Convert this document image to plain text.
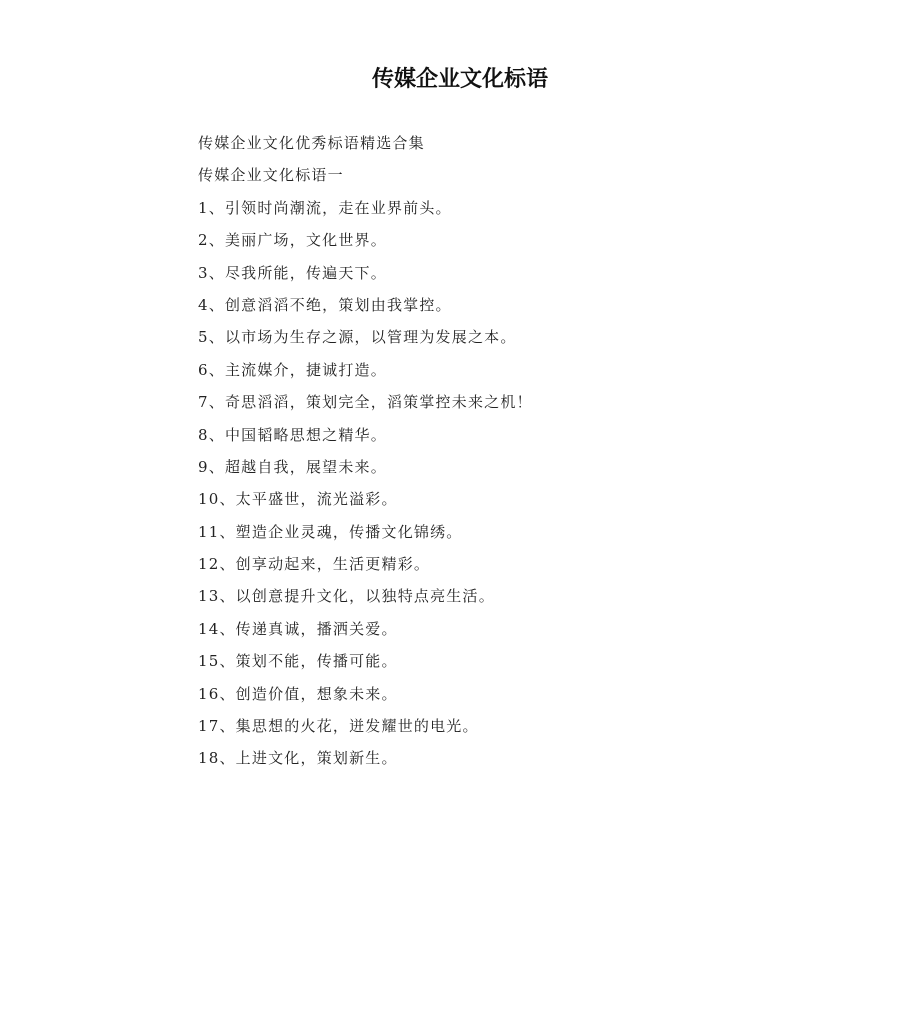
传媒企业文化标语
传媒企业文化优秀标语精选合集
传媒企业文化标语一
1、引领时尚潮流，走在业界前头。
2、美丽广场，文化世界。
3、尽我所能，传遍天下。
4、创意滔滔不绝，策划由我掌控。
5、以市场为生存之源，以管理为发展之本。
6、主流媒介，捷诚打造。
7、奇思滔滔，策划完全，滔策掌控未来之机！
8、中国韬略思想之精华。
9、超越自我，展望未来。
10、太平盛世，流光溢彩。
11、塑造企业灵魂，传播文化锦绣。
12、创享动起来，生活更精彩。
13、以创意提升文化，以独特点亮生活。
14、传递真诚，播洒关爱。
15、策划不能，传播可能。
16、创造价值，想象未来。
17、集思想的火花，迸发耀世的电光。
18、上进文化，策划新生。
